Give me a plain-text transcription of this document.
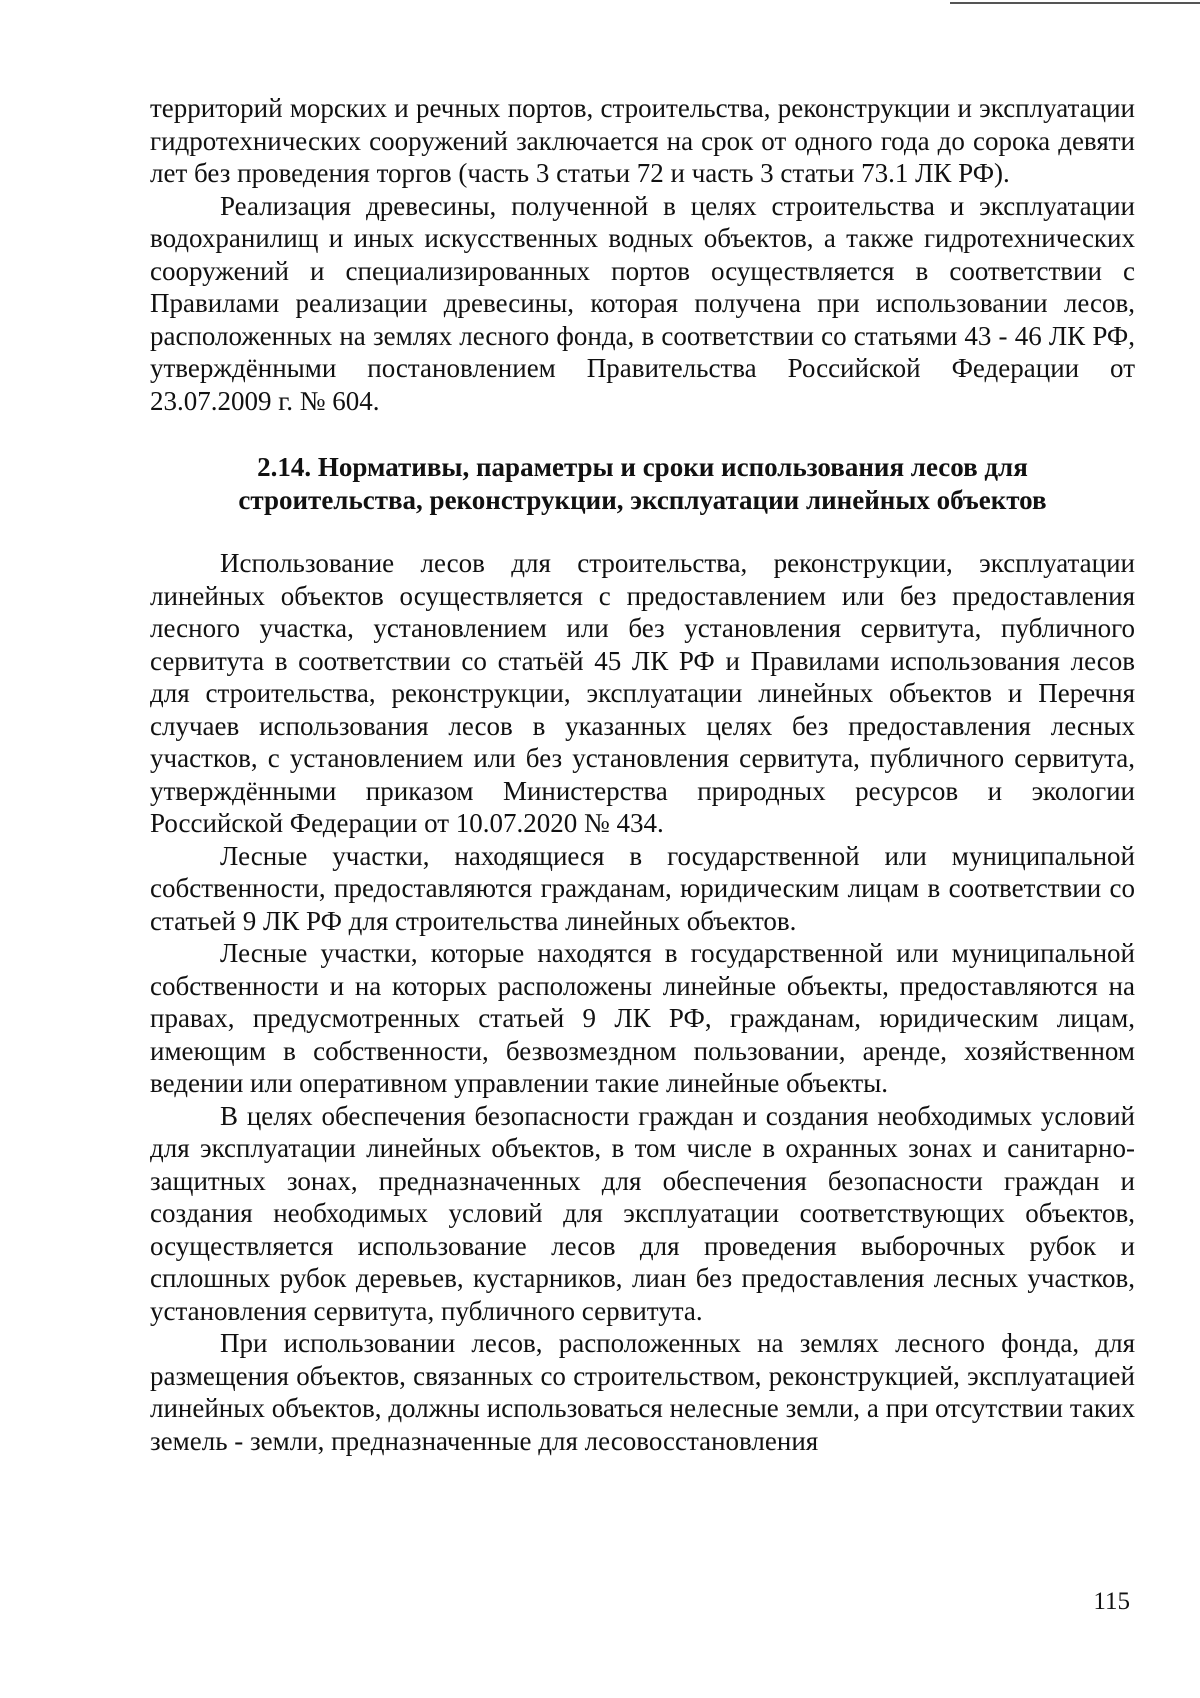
территорий морских и речных портов, строительства, реконструкции и эксплуатации гидротехнических сооружений заключается на срок от одного года до сорока девяти лет без проведения торгов (часть 3 статьи 72 и часть 3 статьи 73.1 ЛК РФ).

Реализация древесины, полученной в целях строительства и эксплуатации водохранилищ и иных искусственных водных объектов, а также гидротехнических сооружений и специализированных портов осуществляется в соответствии с Правилами реализации древесины, которая получена при использовании лесов, расположенных на землях лесного фонда, в соответствии со статьями 43 - 46 ЛК РФ, утверждёнными постановлением Правительства Российской Федерации от 23.07.2009 г. № 604.

2.14. Нормативы, параметры и сроки использования лесов для
строительства, реконструкции, эксплуатации линейных объектов

Использование лесов для строительства, реконструкции, эксплуатации линейных объектов осуществляется с предоставлением или без предоставления лесного участка, установлением или без установления сервитута, публичного сервитута в соответствии со статьёй 45 ЛК РФ и Правилами использования лесов для строительства, реконструкции, эксплуатации линейных объектов и Перечня случаев использования лесов в указанных целях без предоставления лесных участков, с установлением или без установления сервитута, публичного сервитута, утверждёнными приказом Министерства природных ресурсов и экологии Российской Федерации от 10.07.2020 № 434.

Лесные участки, находящиеся в государственной или муниципальной собственности, предоставляются гражданам, юридическим лицам в соответствии со статьей 9 ЛК РФ для строительства линейных объектов.

Лесные участки, которые находятся в государственной или муниципальной собственности и на которых расположены линейные объекты, предоставляются на правах, предусмотренных статьей 9 ЛК РФ, гражданам, юридическим лицам, имеющим в собственности, безвозмездном пользовании, аренде, хозяйственном ведении или оперативном управлении такие линейные объекты.

В целях обеспечения безопасности граждан и создания необходимых условий для эксплуатации линейных объектов, в том числе в охранных зонах и санитарно-защитных зонах, предназначенных для обеспечения безопасности граждан и создания необходимых условий для эксплуатации соответствующих объектов, осуществляется использование лесов для проведения выборочных рубок и сплошных рубок деревьев, кустарников, лиан без предоставления лесных участков, установления сервитута, публичного сервитута.

При использовании лесов, расположенных на землях лесного фонда, для размещения объектов, связанных со строительством, реконструкцией, эксплуатацией линейных объектов, должны использоваться нелесные земли, а при отсутствии таких земель - земли, предназначенные для лесовосстановления

115
